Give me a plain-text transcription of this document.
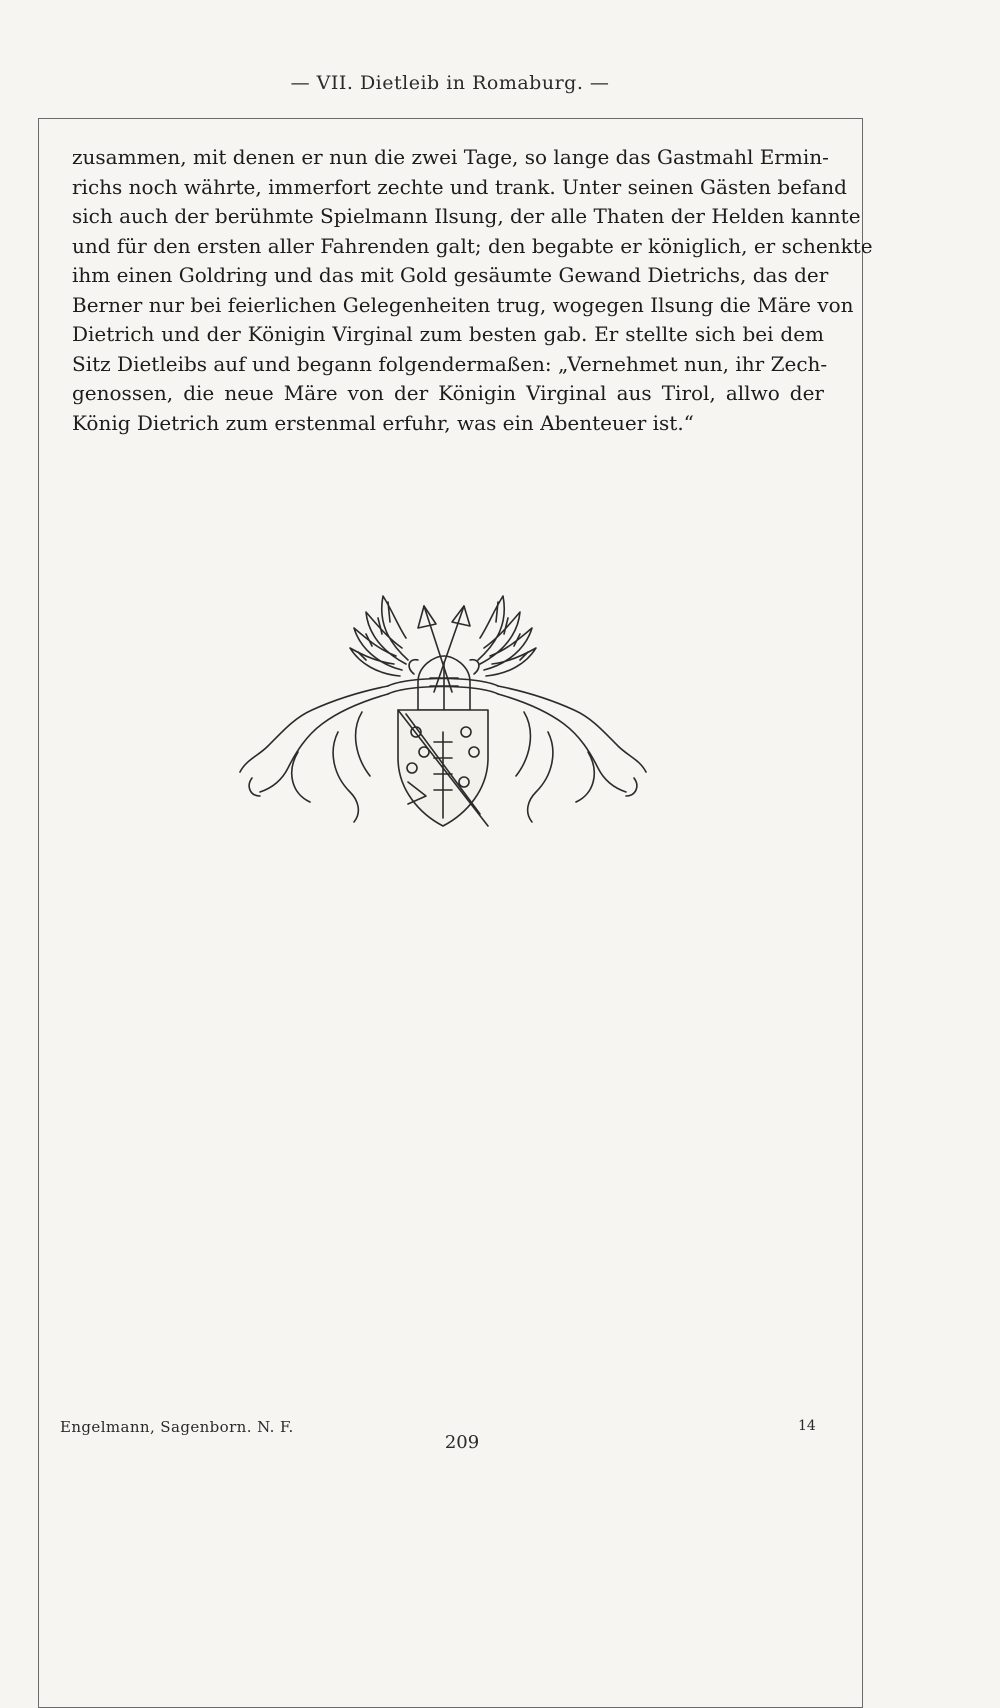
— VII. Dietleib in Romaburg. —
zusammen, mit denen er nun die zwei Tage, so lange das Gastmahl Ermin-
richs noch währte, immerfort zechte und trank. Unter seinen Gästen befand
sich auch der berühmte Spielmann Ilsung, der alle Thaten der Helden kannte
und für den ersten aller Fahrenden galt; den begabte er königlich, er schenkte
ihm einen Goldring und das mit Gold gesäumte Gewand Dietrichs, das der
Berner nur bei feierlichen Gelegenheiten trug, wogegen Ilsung die Märe von
Dietrich und der Königin Virginal zum besten gab. Er stellte sich bei dem
Sitz Dietleibs auf und begann folgendermaßen: „Vernehmet nun, ihr Zech-
genossen, die neue Märe von der Königin Virginal aus Tirol, allwo der
König Dietrich zum erstenmal erfuhr, was ein Abenteuer ist.“
Engelmann, Sagenborn. N. F.	14
209
